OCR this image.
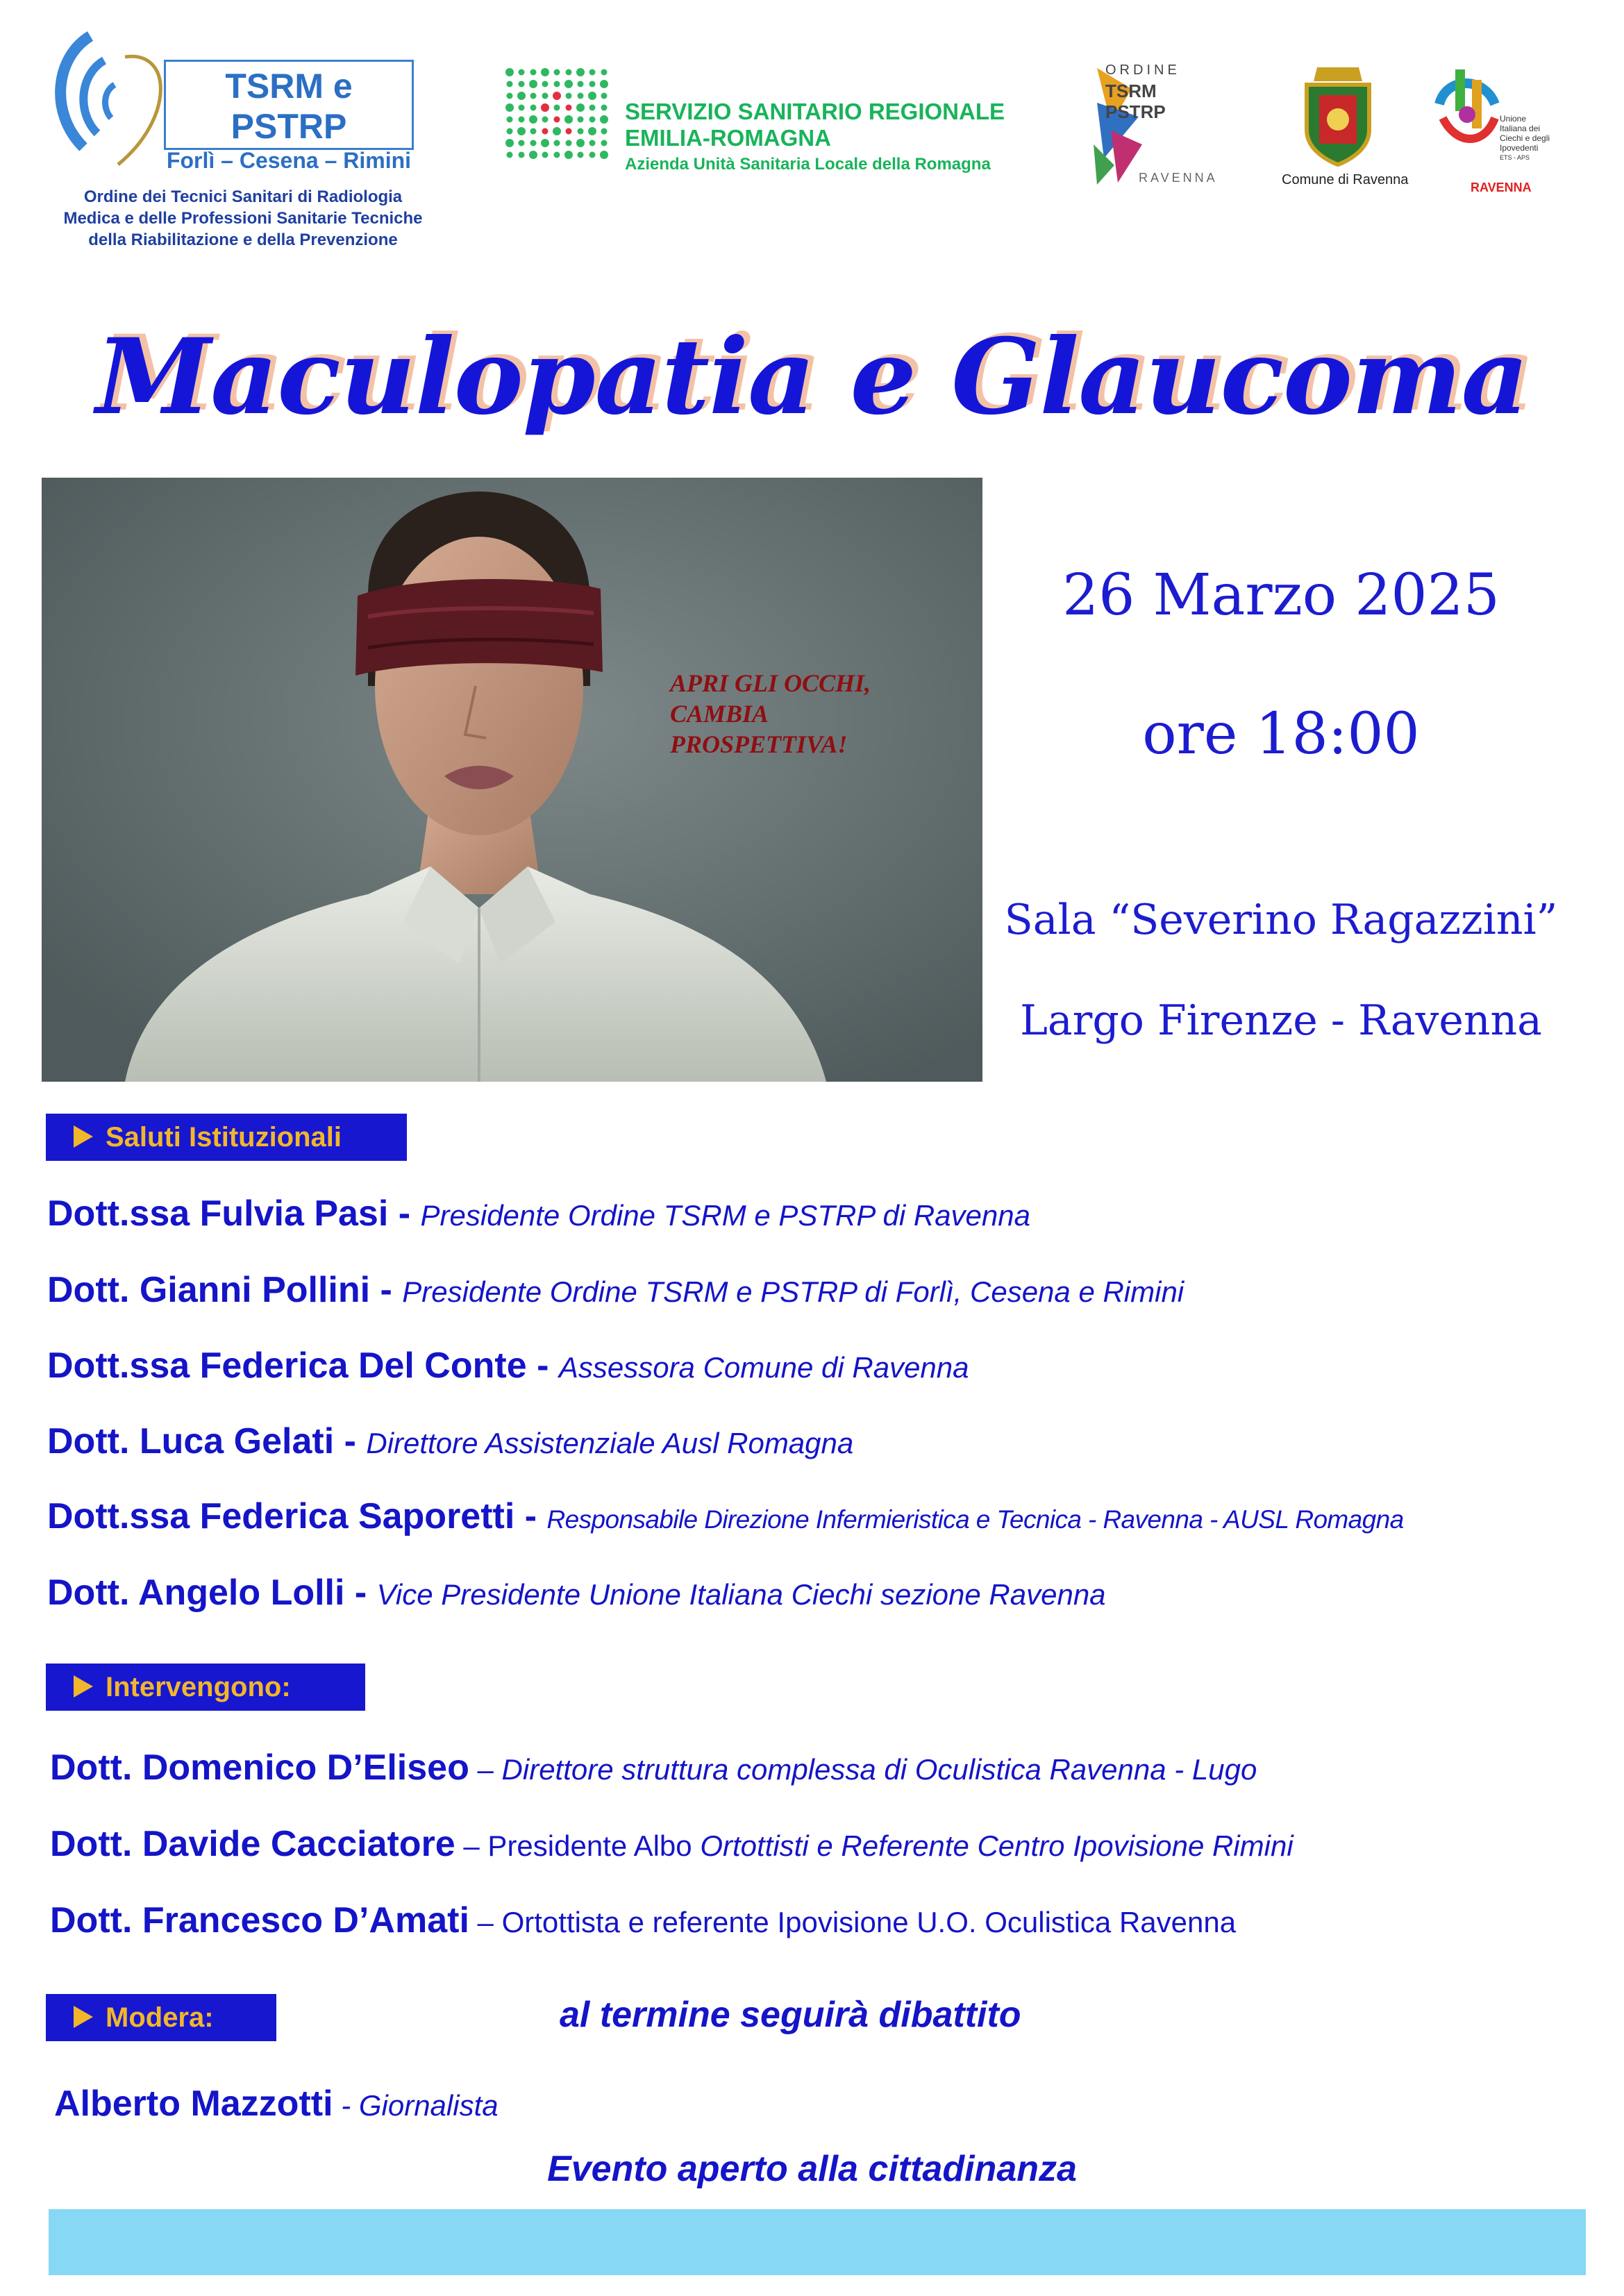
TSRM e PSTRP
Forlì – Cesena – Rimini
Ordine dei Tecnici Sanitari di Radiologia
Medica e delle Professioni Sanitarie Tecniche
della Riabilitazione e della Prevenzione
SERVIZIO SANITARIO REGIONALE
EMILIA-ROMAGNA
Azienda Unità Sanitaria Locale della Romagna
ORDINE
TSRM
PSTRP
RAVENNA	Comune di Ravenna
Unione
Italiana dei
Ciechi e degli
Ipovedenti
ETS - APS
RAVENNA
Maculopatia e Glaucoma
APRI GLI OCCHI,
CAMBIA
PROSPETTIVA!
26 Marzo 2025
ore 18:00
Sala “Severino Ragazzini”
Largo Firenze - Ravenna
Saluti Istituzionali
Dott.ssa Fulvia Pasi - Presidente Ordine TSRM e PSTRP di Ravenna
Dott. Gianni Pollini - Presidente Ordine TSRM e PSTRP di Forlì, Cesena e Rimini
Dott.ssa Federica Del Conte - Assessora Comune di Ravenna
Dott. Luca Gelati - Direttore Assistenziale Ausl Romagna
Dott.ssa Federica Saporetti - Responsabile Direzione Infermieristica e Tecnica - Ravenna - AUSL Romagna
Dott. Angelo Lolli - Vice Presidente Unione Italiana Ciechi sezione Ravenna
Intervengono:
Dott. Domenico D’Eliseo – Direttore struttura complessa di Oculistica Ravenna - Lugo
Dott. Davide Cacciatore – Presidente Albo Ortottisti e Referente Centro Ipovisione Rimini
Dott. Francesco D’Amati – Ortottista e referente Ipovisione U.O. Oculistica Ravenna
Modera:	al termine seguirà dibattito
Alberto Mazzotti - Giornalista
Evento aperto alla cittadinanza
